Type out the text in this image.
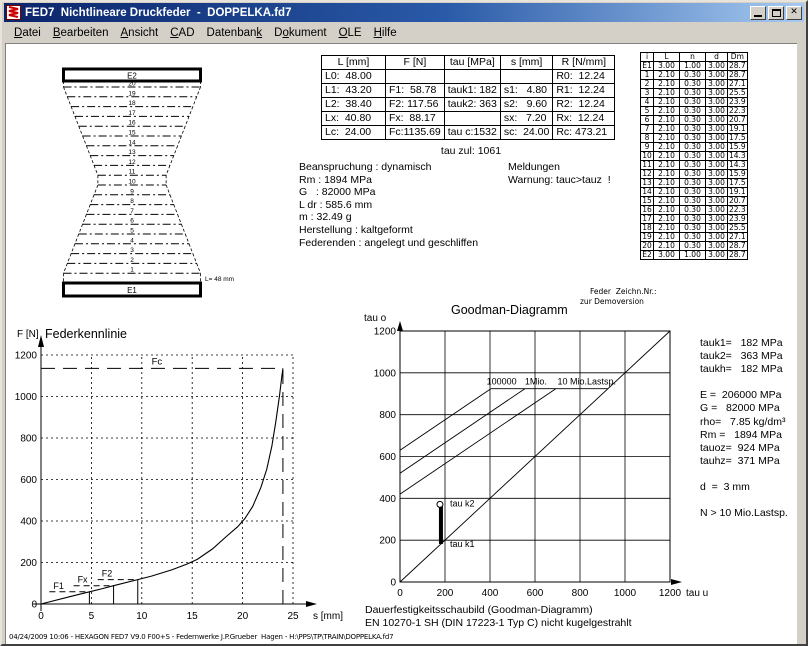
FED7  Nichtlineare Druckfeder  -  DOPPELKA.fd7	✕
Datei	Bearbeiten	Ansicht	CAD	Datenbank	Dokument	OLE	Hilfe
E2
20
19
18
17
16
15
14
13
12
11
10
9
8
7
6
5
4
3
2
1
E1
L= 48 mm
L [mm]	F [N]	tau [MPa]	s [mm]	R [N/mm]
L0:  48.00				R0:  12.24
L1:  43.20	F1:  58.78	tauk1: 182	s1:   4.80	R1:  12.24
L2:  38.40	F2: 117.56	tauk2: 363	s2:   9.60	R2:  12.24
Lx:  40.80	Fx:  88.17		sx:   7.20	Rx:  12.24
Lc:  24.00	Fc:1135.69	tau c:1532	sc:  24.00	Rc: 473.21
tau zul: 1061
Beanspruchung : dynamisch
Rm : 1894 MPa
G   : 82000 MPa
L dr : 585.6 mm
m : 32.49 g
Herstellung : kaltgeformt
Federenden : angelegt und geschliffen
Meldungen
Warnung: tauc>tauz  !
i	L	n	d	Dm
E1	3.00	1.00	3.00	28.7
1	2.10	0.30	3.00	28.7
2	2.10	0.30	3.00	27.1
3	2.10	0.30	3.00	25.5
4	2.10	0.30	3.00	23.9
5	2.10	0.30	3.00	22.3
6	2.10	0.30	3.00	20.7
7	2.10	0.30	3.00	19.1
8	2.10	0.30	3.00	17.5
9	2.10	0.30	3.00	15.9
10	2.10	0.30	3.00	14.3
11	2.10	0.30	3.00	14.3
12	2.10	0.30	3.00	15.9
13	2.10	0.30	3.00	17.5
14	2.10	0.30	3.00	19.1
15	2.10	0.30	3.00	20.7
16	2.10	0.30	3.00	22.3
17	2.10	0.30	3.00	23.9
18	2.10	0.30	3.00	25.5
19	2.10	0.30	3.00	27.1
20	2.10	0.30	3.00	28.7
E2	3.00	1.00	3.00	28.7
Feder  Zeichn.Nr.:
zur Demoversion
F [N] Federkennlinie
0
200
400
600
800
1000
1200
0	5	10	15	20	25 s [mm]
Fc
F1
Fx
F2
tau o
Goodman-Diagramm
0
200
400
600
800
1000
1200
0	200	400	600	800	1000 1200 tau u
100000 1Mio. 10 Mio.Lastsp.
tau k2
tau k1
tauk1=   182 MPa
tauk2=   363 MPa
taukh=   182 MPa

E =  206000 MPa
G =   82000 MPa
rho=   7.85 kg/dm³
Rm =   1894 MPa
tauoz=  924 MPa
tauhz=  371 MPa

d  =  3 mm

N > 10 Mio.Lastsp.
Dauerfestigkeitsschaubild (Goodman-Diagramm)
EN 10270-1 SH (DIN 17223-1 Typ C) nicht kugelgestrahlt
04/24/2009 10:06 - HEXAGON FED7 V9.0 F00+S - Federnwerke J.P.Grueber  Hagen - H:\PPS\TP\TRAIN\DOPPELKA.fd7
